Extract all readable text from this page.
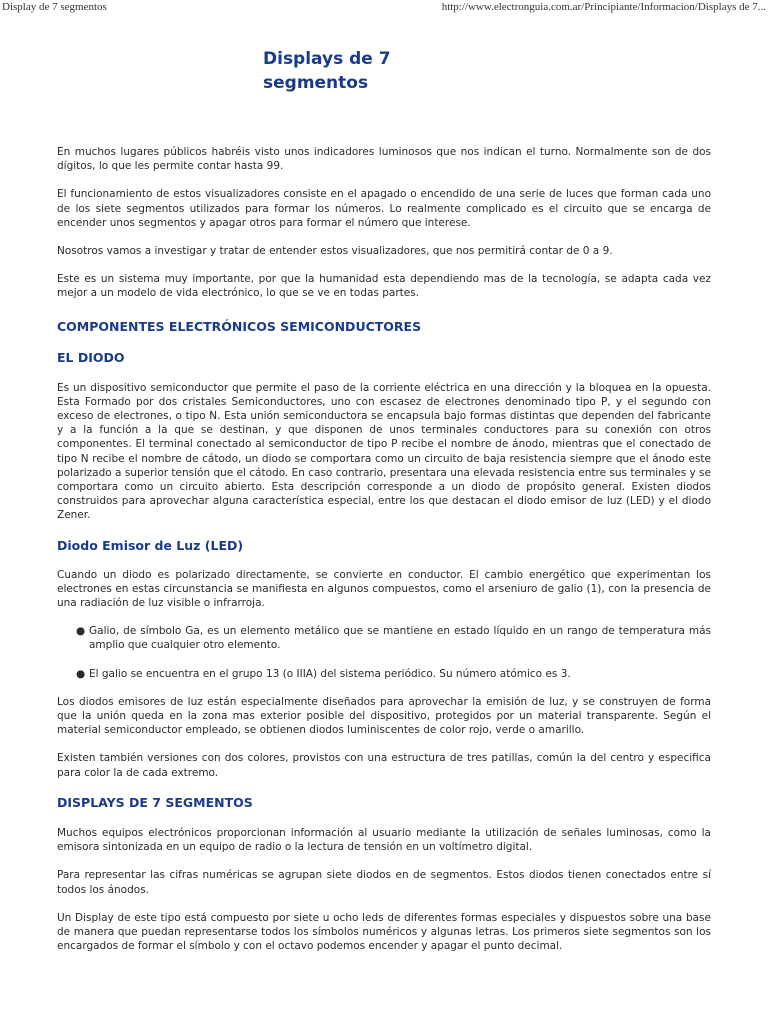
Display de 7 segmentos	http://www.electronguia.com.ar/Principiante/Informacion/Displays de 7...
Displays de 7
segmentos

En muchos lugares públicos habréis visto unos indicadores luminosos que nos indican el turno. Normalmente son de dos dígitos, lo que les permite contar hasta 99.

El funcionamiento de estos visualizadores consiste en el apagado o encendido de una serie de luces que forman cada uno de los siete segmentos utilizados para formar los números. Lo realmente complicado es el circuito que se encarga de encender unos segmentos y apagar otros para formar el número que interese.

Nosotros vamos a investigar y tratar de entender estos visualizadores, que nos permitirá contar de 0 a 9.

Este es un sistema muy importante, por que la humanidad esta dependiendo mas de la tecnología, se adapta cada vez mejor a un modelo de vida electrónico, lo que se ve en todas partes.

COMPONENTES ELECTRÓNICOS SEMICONDUCTORES
EL DIODO

Es un dispositivo semiconductor que permite el paso de la corriente eléctrica en una dirección y la bloquea en la opuesta. Esta Formado por dos cristales Semiconductores, uno con escasez de electrones denominado tipo P, y el segundo con exceso de electrones, o tipo N. Esta unión semiconductora se encapsula bajo formas distintas que dependen del fabricante y a la función a la que se destinan, y que disponen de unos terminales conductores para su conexión con otros componentes. El terminal conectado al semiconductor de tipo P recibe el nombre de ánodo, mientras que el conectado de tipo N recibe el nombre de cátodo, un diodo se comportara como un circuito de baja resistencia siempre que el ánodo este polarizado a superior tensión que el cátodo. En caso contrario, presentara una elevada resistencia entre sus terminales y se comportara como un circuito abierto. Esta descripción corresponde a un diodo de propósito general. Existen diodos construidos para aprovechar alguna característica especial, entre los que destacan el diodo emisor de luz (LED) y el diodo Zener.

Diodo Emisor de Luz (LED)

Cuando un diodo es polarizado directamente, se convierte en conductor. El cambio energético que experimentan los electrones en estas circunstancia se manifiesta en algunos compuestos, como el arseniuro de galio (1), con la presencia de una radiación de luz visible o infrarroja.

● Galio, de símbolo Ga, es un elemento metálico que se mantiene en estado líquido en un rango de temperatura más amplio que cualquier otro elemento.
● El galio se encuentra en el grupo 13 (o IIIA) del sistema periódico. Su número atómico es 3.

Los diodos emisores de luz están especialmente diseñados para aprovechar la emisión de luz, y se construyen de forma que la unión queda en la zona mas exterior posible del dispositivo, protegidos por un material transparente. Según el material semiconductor empleado, se obtienen diodos luminiscentes de color rojo, verde o amarillo.

Existen también versiones con dos colores, provistos con una estructura de tres patillas, común la del centro y especifica para color la de cada extremo.

DISPLAYS DE 7 SEGMENTOS

Muchos equipos electrónicos proporcionan información al usuario mediante la utilización de señales luminosas, como la emisora sintonizada en un equipo de radio o la lectura de tensión en un voltímetro digital.

Para representar las cifras numéricas se agrupan siete diodos en de segmentos. Estos diodos tienen conectados entre sí todos los ánodos.

Un Display de este tipo está compuesto por siete u ocho leds de diferentes formas especiales y dispuestos sobre una base de manera que puedan representarse todos los símbolos numéricos y algunas letras. Los primeros siete segmentos son los encargados de formar el símbolo y con el octavo podemos encender y apagar el punto decimal.
